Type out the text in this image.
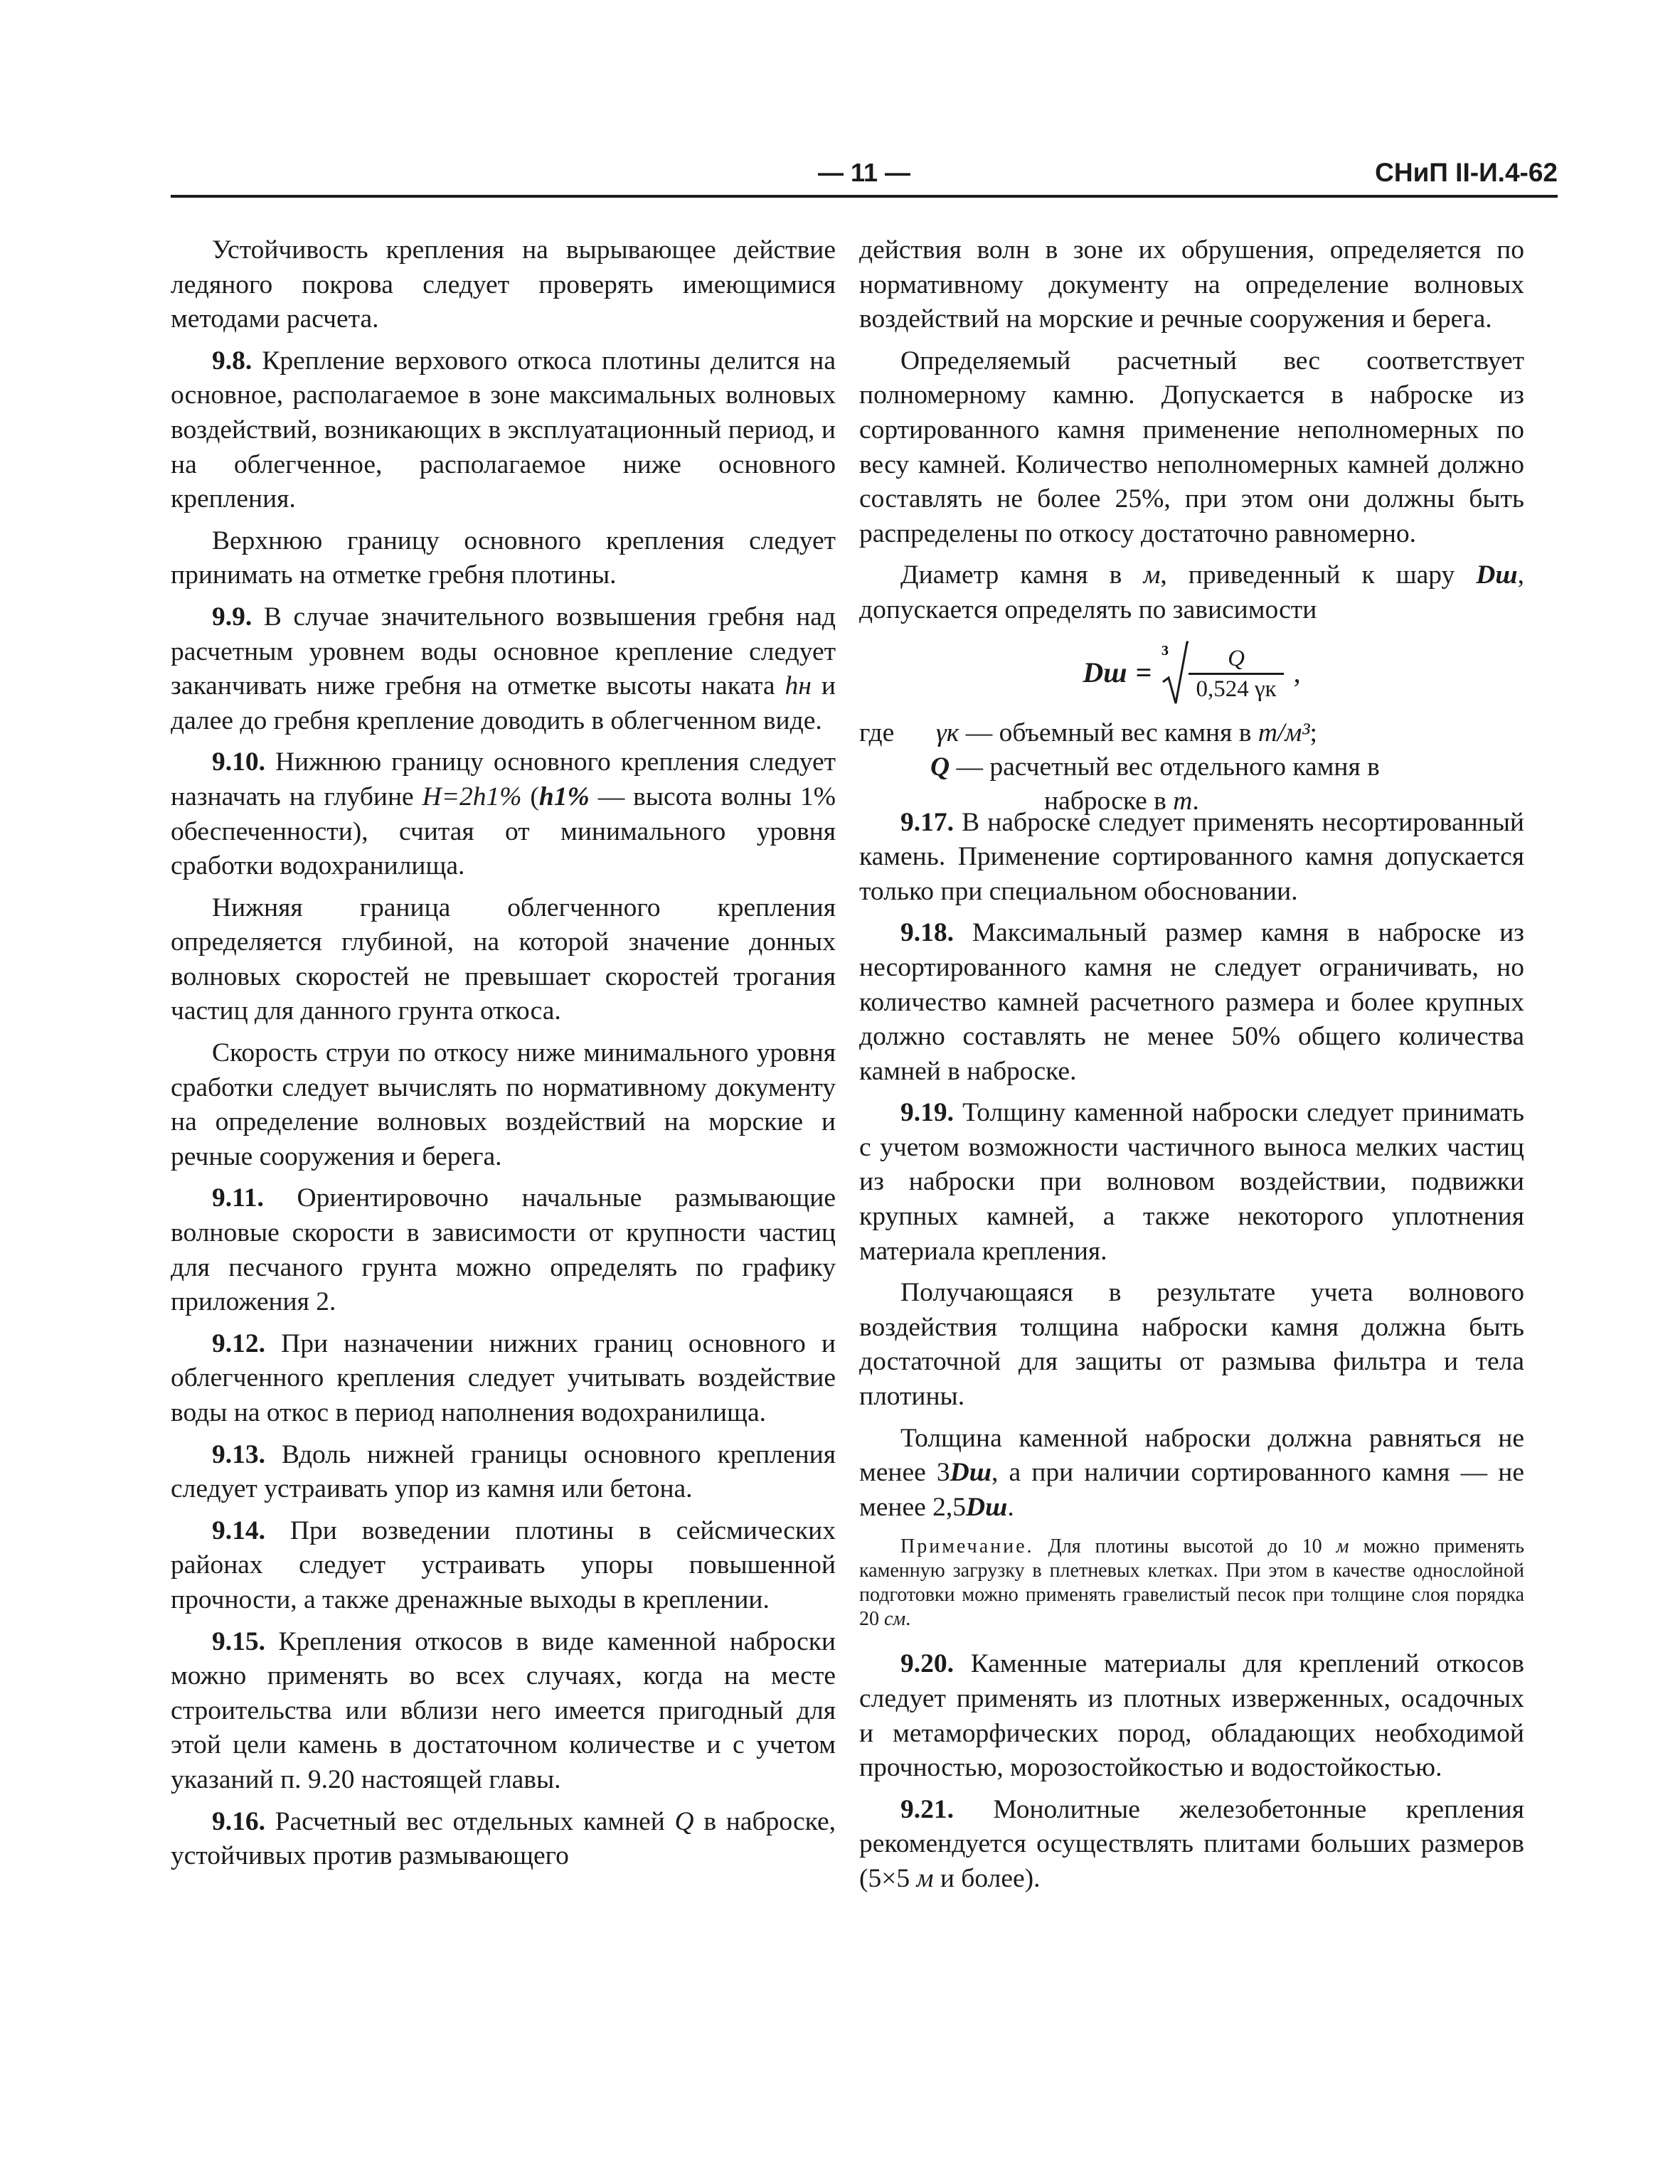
— 11 —	СНиП II-И.4-62

Устойчивость крепления на вырывающее действие ледяного покрова следует проверять имеющимися методами расчета.

9.8. Крепление верхового откоса плотины делится на основное, располагаемое в зоне максимальных волновых воздействий, возникающих в эксплуатационный период, и на облегченное, располагаемое ниже основного крепления.

Верхнюю границу основного крепления следует принимать на отметке гребня плотины.

9.9. В случае значительного возвышения гребня над расчетным уровнем воды основное крепление следует заканчивать ниже гребня на отметке высоты наката hн и далее до гребня крепление доводить в облегченном виде.

9.10. Нижнюю границу основного крепления следует назначать на глубине H=2h1% (h1% — высота волны 1% обеспеченности), считая от минимального уровня сработки водохранилища.

Нижняя граница облегченного крепления определяется глубиной, на которой значение донных волновых скоростей не превышает скоростей трогания частиц для данного грунта откоса.

Скорость струи по откосу ниже минимального уровня сработки следует вычислять по нормативному документу на определение волновых воздействий на морские и речные сооружения и берега.

9.11. Ориентировочно начальные размывающие волновые скорости в зависимости от крупности частиц для песчаного грунта можно определять по графику приложения 2.

9.12. При назначении нижних границ основного и облегченного крепления следует учитывать воздействие воды на откос в период наполнения водохранилища.

9.13. Вдоль нижней границы основного крепления следует устраивать упор из камня или бетона.

9.14. При возведении плотины в сейсмических районах следует устраивать упоры повышенной прочности, а также дренажные выходы в креплении.

9.15. Крепления откосов в виде каменной наброски можно применять во всех случаях, когда на месте строительства или вблизи него имеется пригодный для этой цели камень в достаточном количестве и с учетом указаний п. 9.20 настоящей главы.

9.16. Расчетный вес отдельных камней Q в наброске, устойчивых против размывающего

действия волн в зоне их обрушения, определяется по нормативному документу на определение волновых воздействий на морские и речные сооружения и берега.

Определяемый расчетный вес соответствует полномерному камню. Допускается в наброске из сортированного камня применение неполномерных по весу камней. Количество неполномерных камней должно составлять не более 25%, при этом они должны быть распределены по откосу достаточно равномерно.

Диаметр камня в м, приведенный к шару Dш, допускается определять по зависимости

Dш =
$3 \frac{Q}{0,524 \gamma к}$ ,
где γк — объемный вес камня в т/м³;
Q — расчетный вес отдельного камня в
наброске в т.

9.17. В наброске следует применять несортированный камень. Применение сортированного камня допускается только при специальном обосновании.

9.18. Максимальный размер камня в наброске из несортированного камня не следует ограничивать, но количество камней расчетного размера и более крупных должно составлять не менее 50% общего количества камней в наброске.

9.19. Толщину каменной наброски следует принимать с учетом возможности частичного выноса мелких частиц из наброски при волновом воздействии, подвижки крупных камней, а также некоторого уплотнения материала крепления.

Получающаяся в результате учета волнового воздействия толщина наброски камня должна быть достаточной для защиты от размыва фильтра и тела плотины.

Толщина каменной наброски должна равняться не менее 3Dш, а при наличии сортированного камня — не менее 2,5Dш.

Примечание. Для плотины высотой до 10 м можно применять каменную загрузку в плетневых клетках. При этом в качестве однослойной подготовки можно применять гравелистый песок при толщине слоя порядка 20 см.

9.20. Каменные материалы для креплений откосов следует применять из плотных изверженных, осадочных и метаморфических пород, обладающих необходимой прочностью, морозостойкостью и водостойкостью.

9.21. Монолитные железобетонные крепления рекомендуется осуществлять плитами больших размеров (5×5 м и более).
